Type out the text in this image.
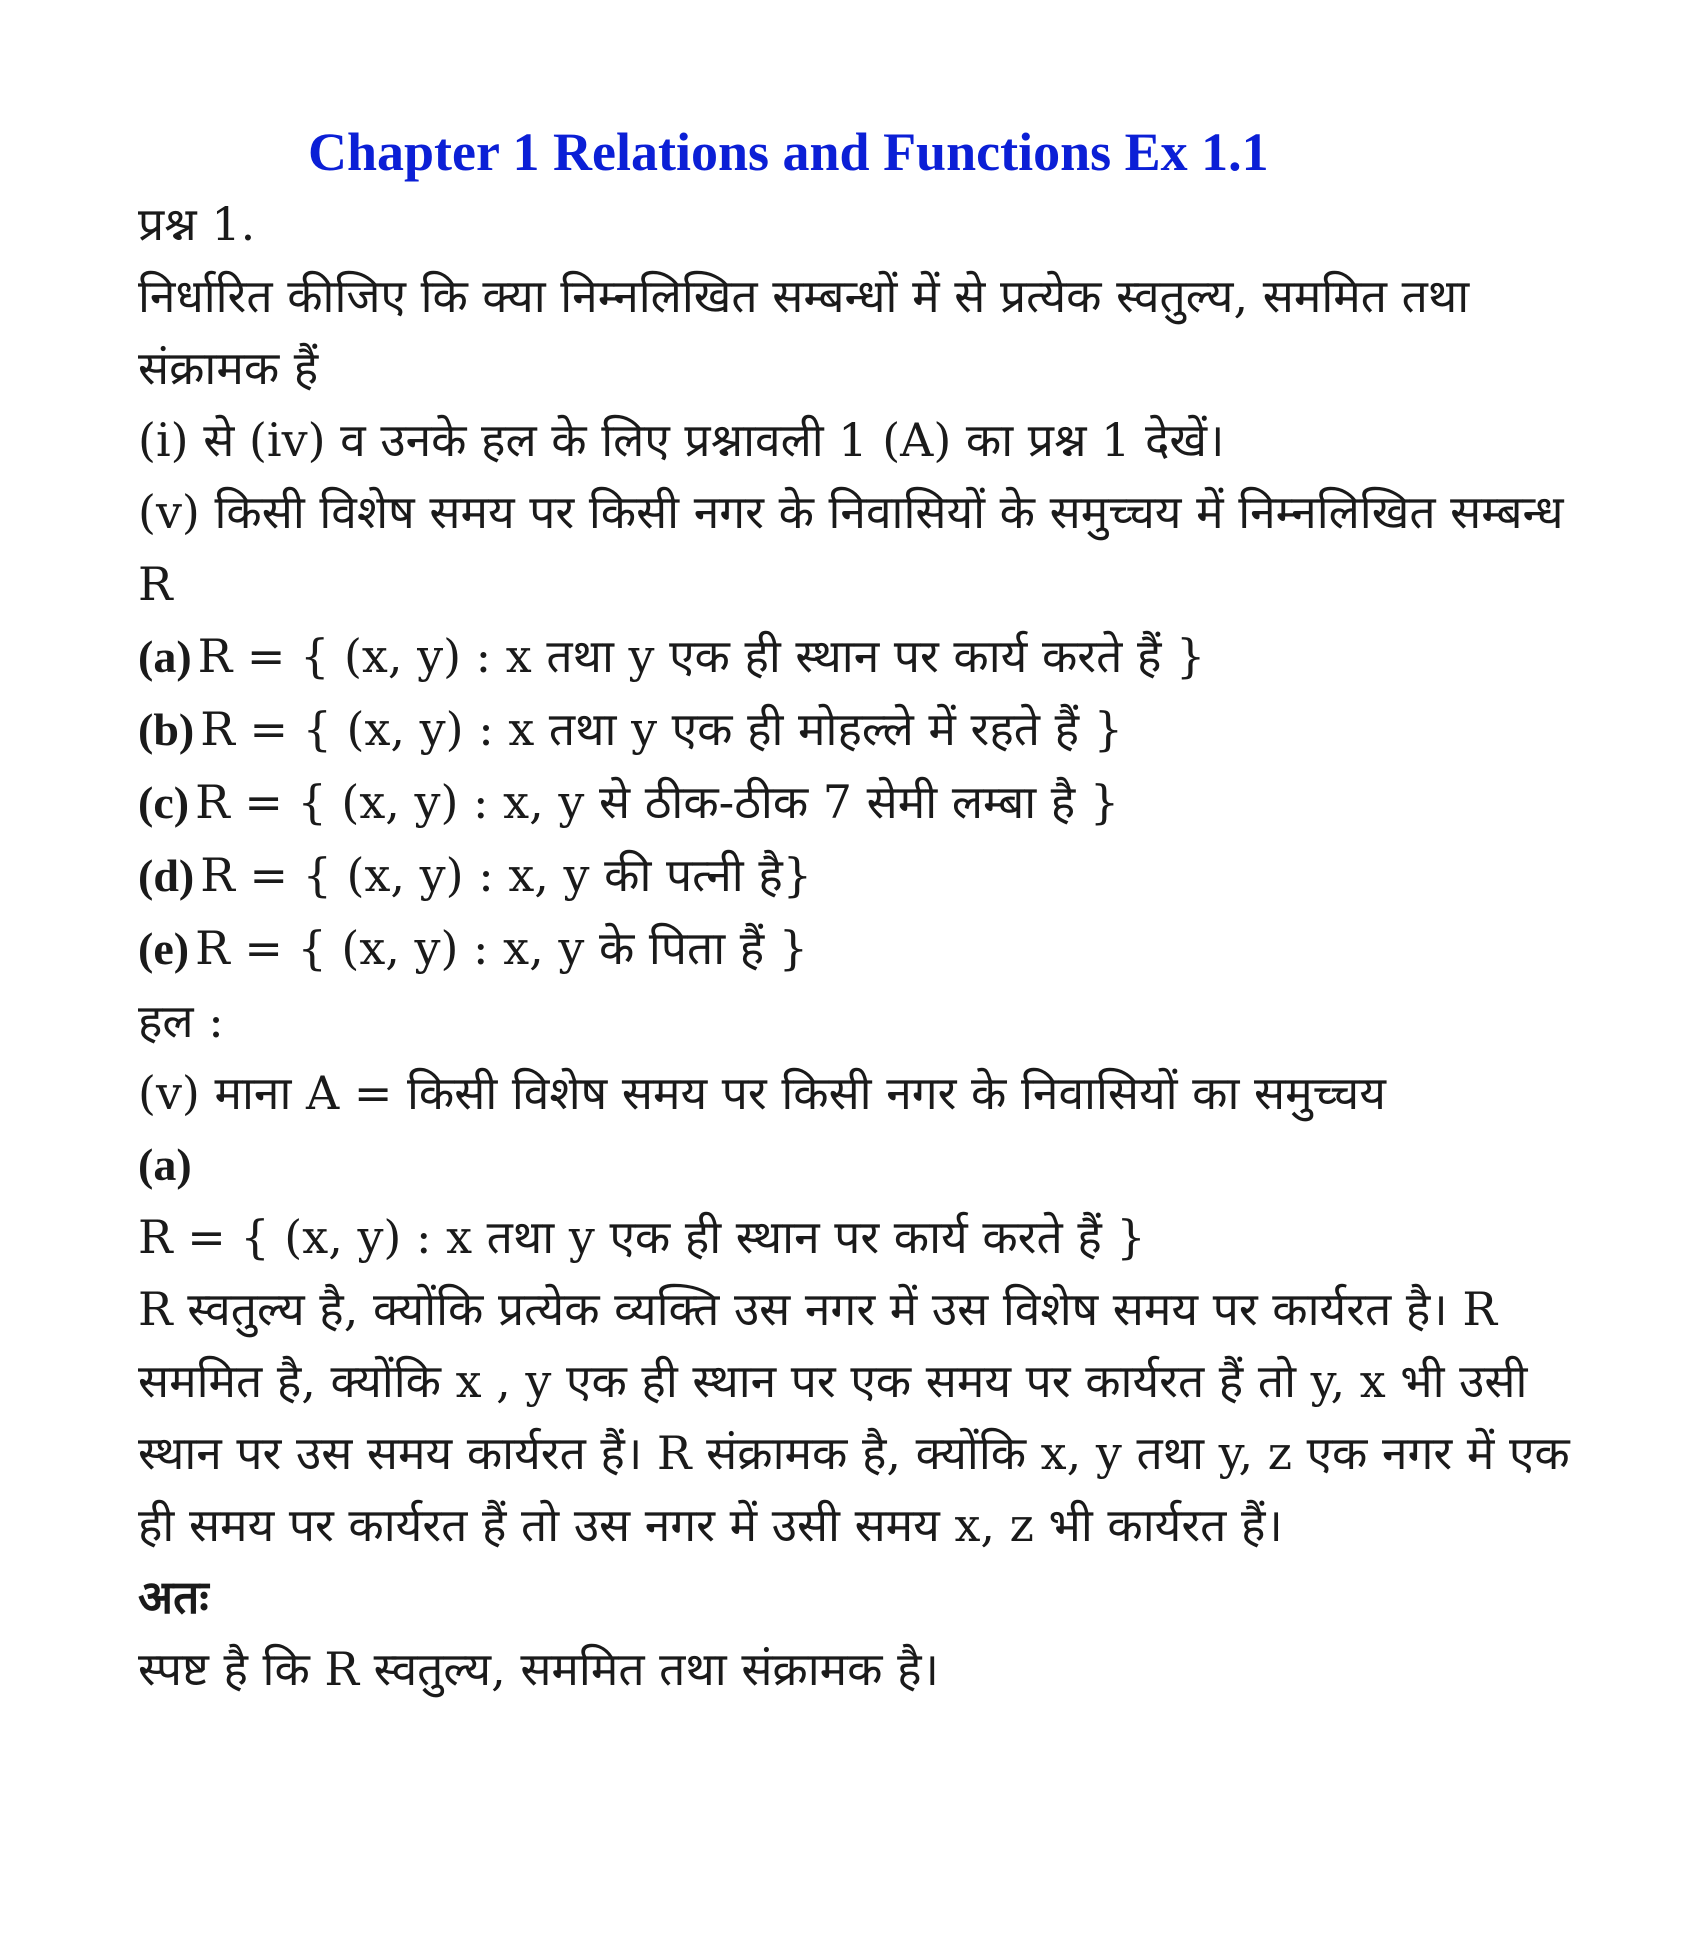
Chapter 1 Relations and Functions Ex 1.1

प्रश्न 1.

निर्धारित कीजिए कि क्या निम्नलिखित सम्बन्धों में से प्रत्येक स्वतुल्य, सममित तथा संक्रामक हैं

(i) से (iv) व उनके हल के लिए प्रश्नावली 1 (A) का प्रश्न 1 देखें।

(v) किसी विशेष समय पर किसी नगर के निवासियों के समुच्चय में निम्नलिखित सम्बन्ध R

(a) R = { (x, y) : x तथा y एक ही स्थान पर कार्य करते हैं }

(b) R = { (x, y) : x तथा y एक ही मोहल्ले में रहते हैं }

(c) R = { (x, y) : x, y से ठीक-ठीक 7 सेमी लम्बा है }

(d) R = { (x, y) : x, y की पत्नी है}

(e) R = { (x, y) : x, y के पिता हैं }

हल :

(v) माना A = किसी विशेष समय पर किसी नगर के निवासियों का समुच्चय

(a)

R = { (x, y) : x तथा y एक ही स्थान पर कार्य करते हैं }

R स्वतुल्य है, क्योंकि प्रत्येक व्यक्ति उस नगर में उस विशेष समय पर कार्यरत है। R सममित है, क्योंकि x , y एक ही स्थान पर एक समय पर कार्यरत हैं तो y, x भी उसी स्थान पर उस समय कार्यरत हैं। R संक्रामक है, क्योंकि x, y तथा y, z एक नगर में एक ही समय पर कार्यरत हैं तो उस नगर में उसी समय x, z भी कार्यरत हैं।

अतः

स्पष्ट है कि R स्वतुल्य, सममित तथा संक्रामक है।
